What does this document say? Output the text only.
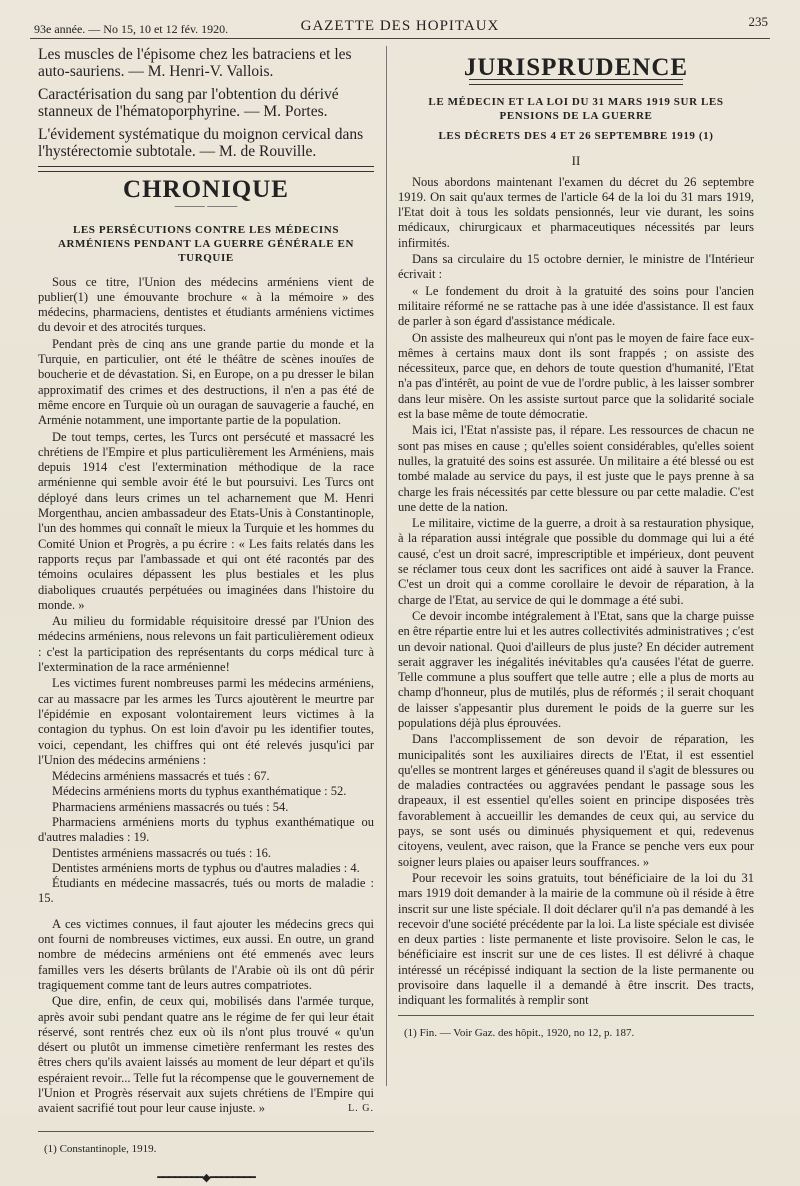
93e année. — No 15, 10 et 12 fév. 1920.	GAZETTE DES HOPITAUX	235

Les muscles de l'épisome chez les batraciens et les auto-sauriens. — M. Henri-V. Vallois.

Caractérisation du sang par l'obtention du dérivé stanneux de l'hématoporphyrine. — M. Portes.

L'évidement systématique du moignon cervical dans l'hystérectomie subtotale. — M. de Rouville.

CHRONIQUE
——— ———
LES PERSÉCUTIONS CONTRE LES MÉDECINS ARMÉNIENS PENDANT LA GUERRE GÉNÉRALE EN TURQUIE

Sous ce titre, l'Union des médecins arméniens vient de publier(1) une émouvante brochure « à la mémoire » des médecins, pharmaciens, dentistes et étudiants arméniens victimes du devoir et des atrocités turques.

Pendant près de cinq ans une grande partie du monde et la Turquie, en particulier, ont été le théâtre de scènes inouïes de boucherie et de dévastation. Si, en Europe, on a pu dresser le bilan approximatif des crimes et des destructions, il n'en a pas été de même encore en Turquie où un ouragan de sauvagerie a fauché, en Arménie notamment, une importante partie de la population.

De tout temps, certes, les Turcs ont persécuté et massacré les chrétiens de l'Empire et plus particulièrement les Arméniens, mais depuis 1914 c'est l'extermination méthodique de la race arménienne qui semble avoir été le but poursuivi. Les Turcs ont déployé dans leurs crimes un tel acharnement que M. Henri Morgenthau, ancien ambassadeur des Etats-Unis à Constantinople, l'un des hommes qui connaît le mieux la Turquie et les hommes du Comité Union et Progrès, a pu écrire : « Les faits relatés dans les rapports reçus par l'ambassade et qui ont été racontés par des témoins oculaires dépassent les plus bestiales et les plus diaboliques cruautés perpétuées ou imaginées dans l'histoire du monde. »

Au milieu du formidable réquisitoire dressé par l'Union des médecins arméniens, nous relevons un fait particulièrement odieux : c'est la participation des représentants du corps médical turc à l'extermination de la race arménienne!

Les victimes furent nombreuses parmi les médecins arméniens, car au massacre par les armes les Turcs ajoutèrent le meurtre par l'épidémie en exposant volontairement leurs victimes à la contagion du typhus. On est loin d'avoir pu les identifier toutes, voici, cependant, les chiffres qui ont été relevés jusqu'ici par l'Union des médecins arméniens :

Médecins arméniens massacrés et tués : 67.

Médecins arméniens morts du typhus exanthématique : 52.

Pharmaciens arméniens massacrés ou tués : 54.

Pharmaciens arméniens morts du typhus exanthématique ou d'autres maladies : 19.

Dentistes arméniens massacrés ou tués : 16.

Dentistes arméniens morts de typhus ou d'autres maladies : 4.

Étudiants en médecine massacrés, tués ou morts de maladie : 15.

A ces victimes connues, il faut ajouter les médecins grecs qui ont fourni de nombreuses victimes, eux aussi. En outre, un grand nombre de médecins arméniens ont été emmenés avec leurs familles vers les déserts brûlants de l'Arabie où ils ont dû périr tragiquement comme tant de leurs autres compatriotes.

Que dire, enfin, de ceux qui, mobilisés dans l'armée turque, après avoir subi pendant quatre ans le régime de fer qui leur était réservé, sont rentrés chez eux où ils n'ont plus trouvé « qu'un désert ou plutôt un immense cimetière renfermant les restes des êtres chers qu'ils avaient laissés au moment de leur départ et qu'ils espéraient revoir... Telle fut la récompense que le gouvernement de l'Union et Progrès réservait aux sujets chrétiens de l'Empire qui avaient sacrifié tout pour leur cause injuste. »	L. G.

(1) Constantinople, 1919.
━━━━━━━━◆━━━━━━━━
JURISPRUDENCE
LE MÉDECIN ET LA LOI DU 31 MARS 1919 SUR LES PENSIONS DE LA GUERRE
LES DÉCRETS DES 4 ET 26 SEPTEMBRE 1919 (1)
II

Nous abordons maintenant l'examen du décret du 26 septembre 1919. On sait qu'aux termes de l'article 64 de la loi du 31 mars 1919, l'Etat doit à tous les soldats pensionnés, leur vie durant, les soins médicaux, chirurgicaux et pharmaceutiques nécessités par leurs infirmités.

Dans sa circulaire du 15 octobre dernier, le ministre de l'Intérieur écrivait :

« Le fondement du droit à la gratuité des soins pour l'ancien militaire réformé ne se rattache pas à une idée d'assistance. Il est faux de parler à son égard d'assistance médicale.

On assiste des malheureux qui n'ont pas le moyen de faire face eux-mêmes à certains maux dont ils sont frappés ; on assiste des nécessiteux, parce que, en dehors de toute question d'humanité, l'Etat n'a pas d'intérêt, au point de vue de l'ordre public, à les laisser sombrer dans leur misère. On les assiste surtout parce que la solidarité sociale est la base même de toute démocratie.

Mais ici, l'Etat n'assiste pas, il répare. Les ressources de chacun ne sont pas mises en cause ; qu'elles soient considérables, qu'elles soient nulles, la gratuité des soins est assurée. Un militaire a été blessé ou est tombé malade au service du pays, il est juste que le pays prenne à sa charge les frais nécessités par cette blessure ou par cette maladie. C'est une dette de la nation.

Le militaire, victime de la guerre, a droit à sa restauration physique, à la réparation aussi intégrale que possible du dommage qui lui a été causé, c'est un droit sacré, imprescriptible et impérieux, dont peuvent se réclamer tous ceux dont les sacrifices ont aidé à sauver la France. C'est un droit qui a comme corollaire le devoir de réparation, à la charge de l'Etat, au service de qui le dommage a été subi.

Ce devoir incombe intégralement à l'Etat, sans que la charge puisse en être répartie entre lui et les autres collectivités administratives ; c'est un devoir national. Quoi d'ailleurs de plus juste? En décider autrement serait aggraver les inégalités inévitables qu'a causées l'état de guerre. Telle commune a plus souffert que telle autre ; elle a plus de morts au champ d'honneur, plus de mutilés, plus de réformés ; il serait choquant de laisser s'appesantir plus durement le poids de la guerre sur les populations déjà plus éprouvées.

Dans l'accomplissement de son devoir de réparation, les municipalités sont les auxiliaires directs de l'Etat, il est essentiel qu'elles se montrent larges et généreuses quand il s'agit de blessures ou de maladies contractées ou aggravées pendant le passage sous les drapeaux, il est essentiel qu'elles soient en principe disposées très favorablement à accueillir les demandes de ceux qui, au service du pays, se sont usés ou diminués physiquement et qui, redevenus citoyens, veulent, avec raison, que la France se penche vers eux pour soigner leurs plaies ou apaiser leurs souffrances. »

Pour recevoir les soins gratuits, tout bénéficiaire de la loi du 31 mars 1919 doit demander à la mairie de la commune où il réside à être inscrit sur une liste spéciale. Il doit déclarer qu'il n'a pas demandé à les recevoir d'une société précédente par la loi. La liste spéciale est divisée en deux parties : liste permanente et liste provisoire. Selon le cas, le bénéficiaire est inscrit sur une de ces listes. Il est délivré à chaque intéressé un récépissé indiquant la section de la liste permanente ou provisoire dans laquelle il a demandé à être inscrit. Des tracts, indiquant les formalités à remplir sont

(1) Fin. — Voir Gaz. des hôpit., 1920, no 12, p. 187.
